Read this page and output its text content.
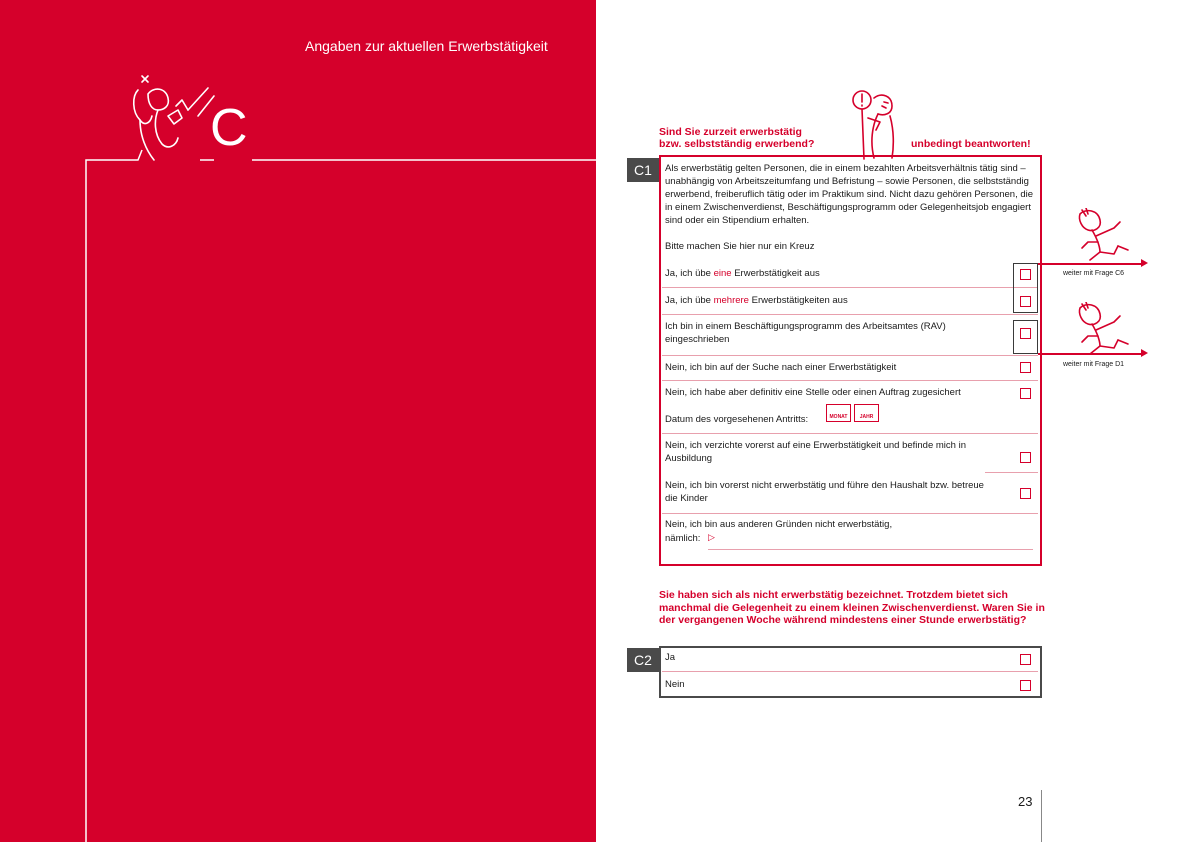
Angaben zur aktuellen Erwerbstätigkeit
C	Sind Sie zurzeit erwerbstätig
bzw. selbstständig erwerbend?	unbedingt beantworten!
C1	Als erwerbstätig gelten Personen, die in einem bezahlten Arbeitsverhältnis tätig sind – unabhängig von Arbeitszeitumfang und Befristung – sowie Personen, die selbstständig erwerbend, freiberuflich tätig oder im Praktikum sind. Nicht dazu gehören Personen, die in einem Zwischenverdienst, Beschäftigungsprogramm oder Gelegenheitsjob engagiert sind oder ein Stipendium erhalten.
Bitte machen Sie hier nur ein Kreuz
Ja, ich übe eine Erwerbstätigkeit aus
Ja, ich übe mehrere Erwerbstätigkeiten aus
Ich bin in einem Beschäftigungsprogramm des Arbeitsamtes (RAV) eingeschrieben
Nein, ich bin auf der Suche nach einer Erwerbstätigkeit
Nein, ich habe aber definitiv eine Stelle oder einen Auftrag zugesichert
Datum des vorgesehenen Antritts:	MONAT	JAHR
Nein, ich verzichte vorerst auf eine Erwerbstätigkeit und befinde mich in Ausbildung
Nein, ich bin vorerst nicht erwerbstätig und führe den Haushalt bzw. betreue die Kinder
Nein, ich bin aus anderen Gründen nicht erwerbstätig,
nämlich: ▷
weiter mit Frage C6
weiter mit Frage D1
Sie haben sich als nicht erwerbstätig bezeichnet. Trotzdem bietet sich manchmal die Gelegenheit zu einem kleinen Zwischenverdienst. Waren Sie in der vergangenen Woche während mindestens einer Stunde erwerbstätig?
C2	Ja
Nein
23
